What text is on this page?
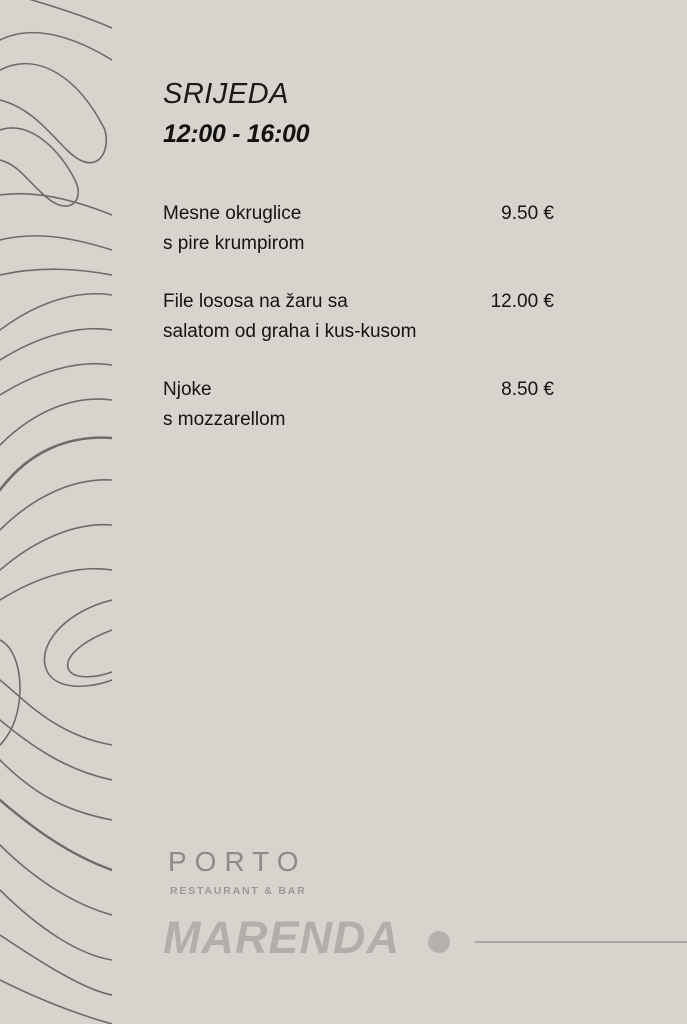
SRIJEDA
12:00 - 16:00
Mesne okruglice
s pire krumpirom
9.50 €
File lososa na žaru sa
salatom od graha i kus-kusom
12.00 €
Njoke
s mozzarellom
8.50 €
PORTO
RESTAURANT & BAR
MARENDA
